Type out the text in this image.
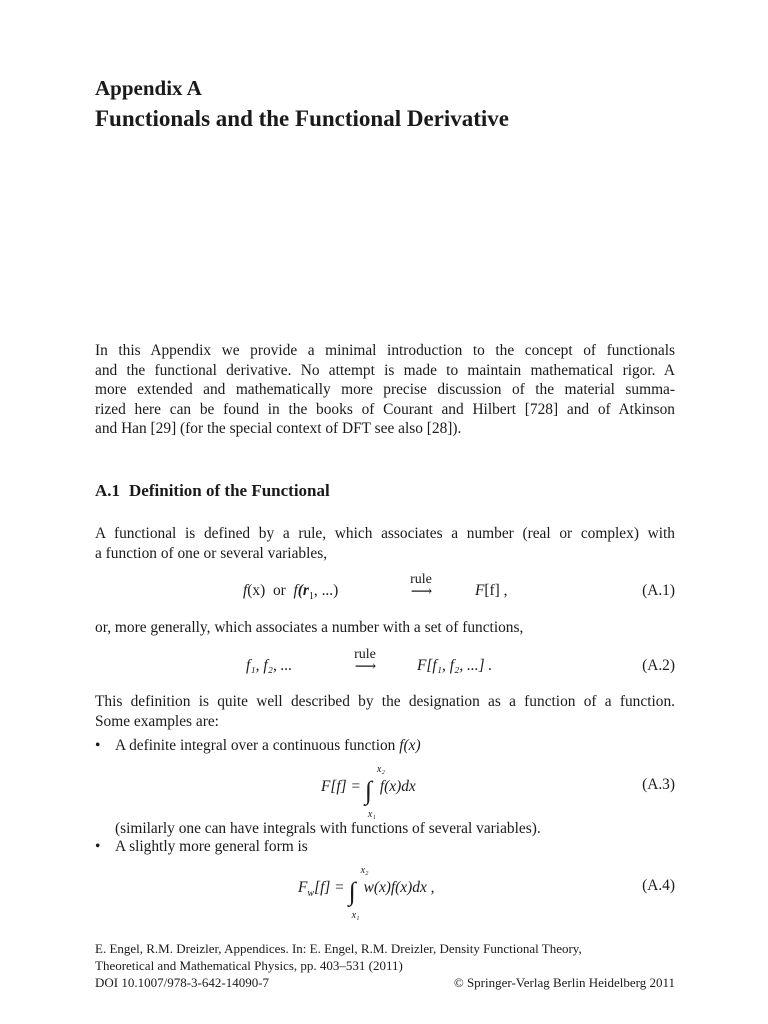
Appendix A
Functionals and the Functional Derivative
In this Appendix we provide a minimal introduction to the concept of functionals
and the functional derivative. No attempt is made to maintain mathematical rigor. A
more extended and mathematically more precise discussion of the material summa-
rized here can be found in the books of Courant and Hilbert [728] and of Atkinson
and Han [29] (for the special context of DFT see also [28]).
A.1 Definition of the Functional
A functional is defined by a rule, which associates a number (real or complex) with
a function of one or several variables,
f(x) or $f(r_1$, ...)
rule
⟶	F[f] ,	(A.1)
or, more generally, which associates a number with a set of functions,
f₁, f₂, ...
rule
⟶	F[f₁, f₂, ...] .	(A.2)
This definition is quite well described by the designation as a function of a function.
Some examples are:
• A definite integral over a continuous function f(x)
F[f] = ∫
x₂
x₁
f(x)dx	(A.3)
(similarly one can have integrals with functions of several variables).
• A slightly more general form is
$F_w[f]$ = ∫
x₂
x₁
w(x)f(x)dx ,	(A.4)
E. Engel, R.M. Dreizler, Appendices. In: E. Engel, R.M. Dreizler, Density Functional Theory,
Theoretical and Mathematical Physics, pp. 403–531 (2011)
DOI 10.1007/978-3-642-14090-7	© Springer-Verlag Berlin Heidelberg 2011
